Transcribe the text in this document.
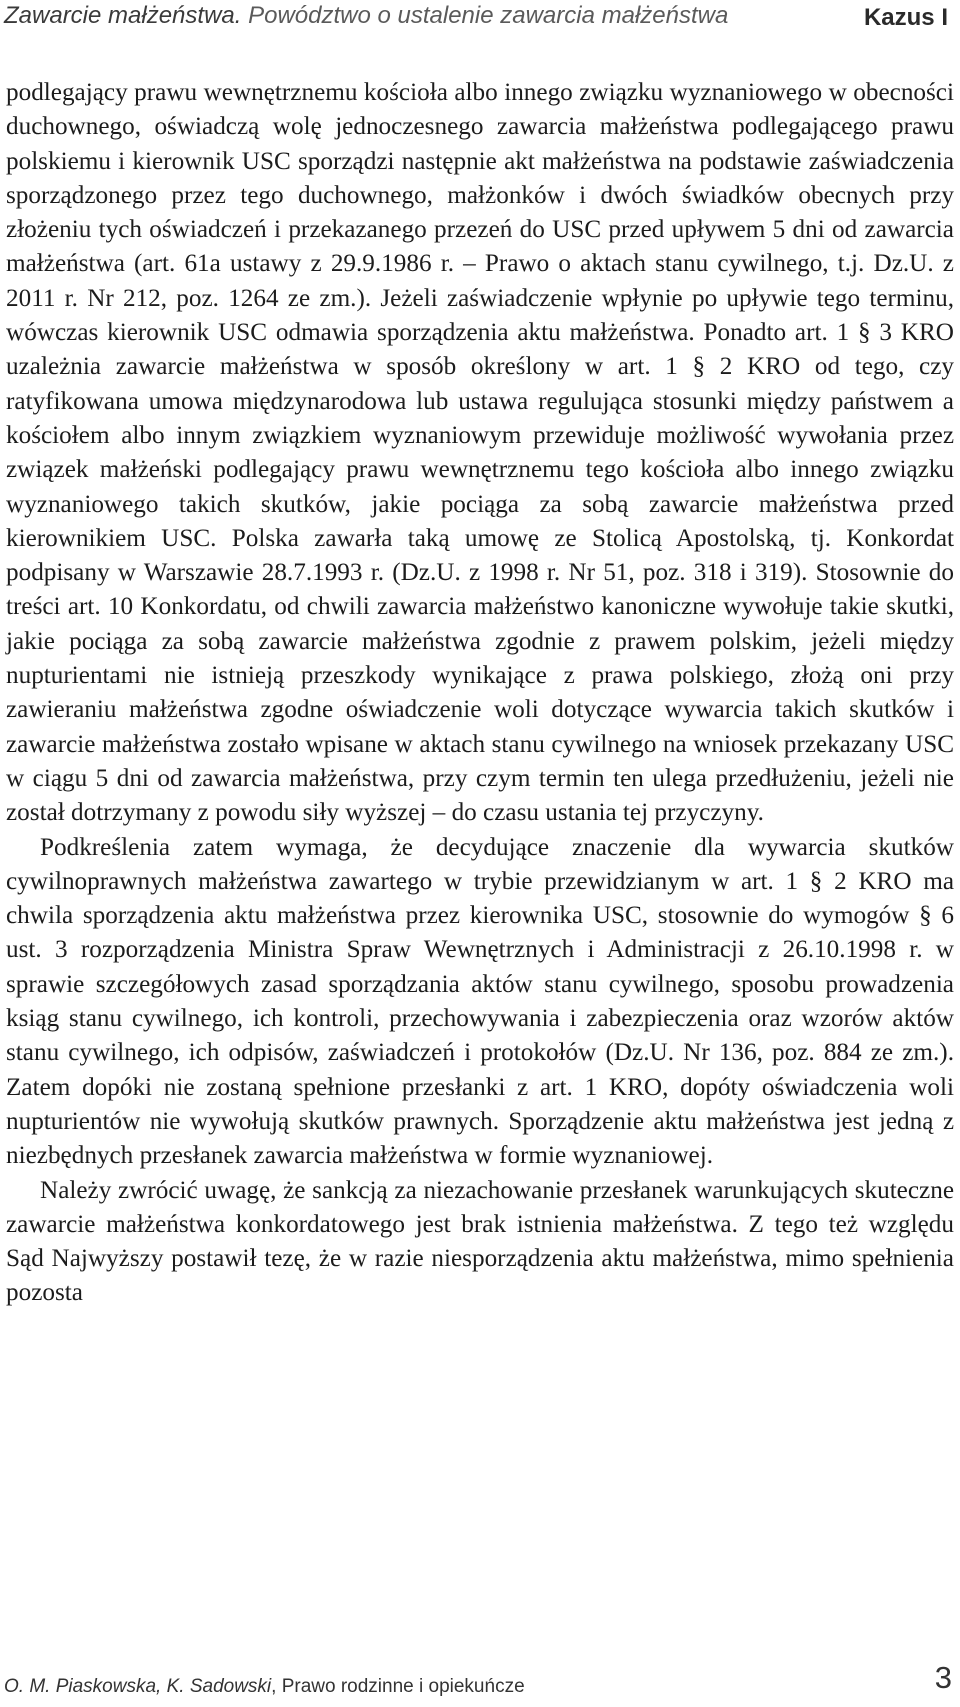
Zawarcie małżeństwa. Powództwo o ustalenie zawarcia małżeństwa	Kazus I

podlegający prawu wewnętrznemu kościoła albo innego związku wyznaniowego w obecności duchownego, oświadczą wolę jednoczesnego zawarcia małżeństwa podlegającego prawu polskiemu i kierownik USC sporządzi następnie akt małżeństwa na podstawie zaświadczenia sporządzonego przez tego duchownego, małżonków i dwóch świadków obecnych przy złożeniu tych oświadczeń i przekazanego przezeń do USC przed upływem 5 dni od zawarcia małżeństwa (art. 61a ustawy z 29.9.1986 r. – Prawo o aktach stanu cywilnego, t.j. Dz.U. z 2011 r. Nr 212, poz. 1264 ze zm.). Jeżeli zaświadczenie wpłynie po upływie tego terminu, wówczas kierownik USC odmawia sporządzenia aktu małżeństwa. Ponadto art. 1 § 3 KRO uzależnia zawarcie małżeństwa w sposób określony w art. 1 § 2 KRO od tego, czy ratyfikowana umowa międzynarodowa lub ustawa regulująca stosunki między państwem a kościołem albo innym związkiem wyznaniowym przewiduje możliwość wywołania przez związek małżeński podlegający prawu wewnętrznemu tego kościoła albo innego związku wyznaniowego takich skutków, jakie pociąga za sobą zawarcie małżeństwa przed kierownikiem USC. Polska zawarła taką umowę ze Stolicą Apostolską, tj. Konkordat podpisany w Warszawie 28.7.1993 r. (Dz.U. z 1998 r. Nr 51, poz. 318 i 319). Stosownie do treści art. 10 Konkordatu, od chwili zawarcia małżeństwo kanoniczne wywołuje takie skutki, jakie pociąga za sobą zawarcie małżeństwa zgodnie z prawem polskim, jeżeli między nupturientami nie istnieją przeszkody wynikające z prawa polskiego, złożą oni przy zawieraniu małżeństwa zgodne oświadczenie woli dotyczące wywarcia takich skutków i zawarcie małżeństwa zostało wpisane w aktach stanu cywilnego na wniosek przekazany USC w ciągu 5 dni od zawarcia małżeństwa, przy czym termin ten ulega przedłużeniu, jeżeli nie został dotrzymany z powodu siły wyższej – do czasu ustania tej przyczyny.

Podkreślenia zatem wymaga, że decydujące znaczenie dla wywarcia skutków cywilnoprawnych małżeństwa zawartego w trybie przewidzianym w art. 1 § 2 KRO ma chwila sporządzenia aktu małżeństwa przez kierownika USC, stosownie do wymogów § 6 ust. 3 rozporządzenia Ministra Spraw Wewnętrznych i Administracji z 26.10.1998 r. w sprawie szczegółowych zasad sporządzania aktów stanu cywilnego, sposobu prowadzenia ksiąg stanu cywilnego, ich kontroli, przechowywania i zabezpieczenia oraz wzorów aktów stanu cywilnego, ich odpisów, zaświadczeń i protokołów (Dz.U. Nr 136, poz. 884 ze zm.). Zatem dopóki nie zostaną spełnione przesłanki z art. 1 KRO, dopóty oświadczenia woli nupturientów nie wywołują skutków prawnych. Sporządzenie aktu małżeństwa jest jedną z niezbędnych przesłanek zawarcia małżeństwa w formie wyznaniowej.

Należy zwrócić uwagę, że sankcją za niezachowanie przesłanek warunkujących skuteczne zawarcie małżeństwa konkordatowego jest brak istnienia małżeństwa. Z tego też względu Sąd Najwyższy postawił tezę, że w razie niesporządzenia aktu małżeństwa, mimo spełnienia pozosta

O. M. Piaskowska, K. Sadowski, Prawo rodzinne i opiekuńcze	3
